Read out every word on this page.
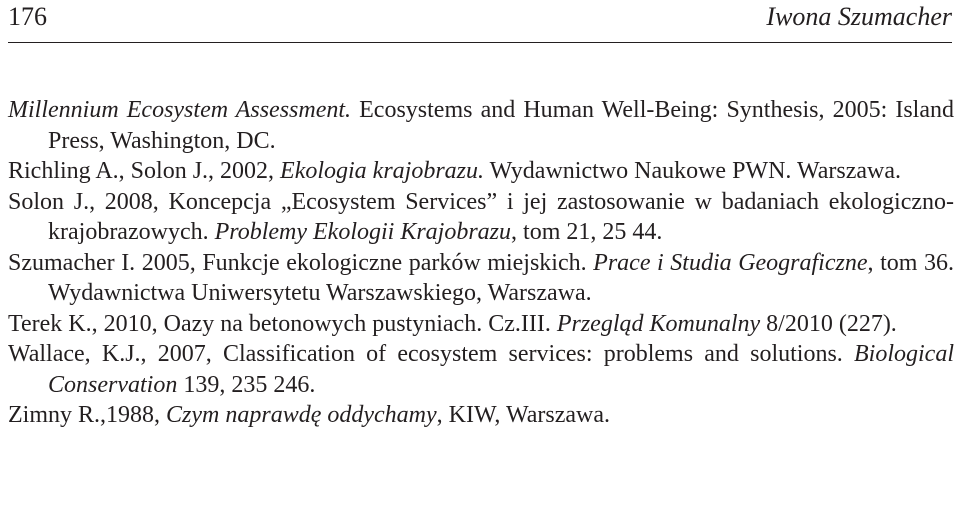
176	Iwona Szumacher

Millennium Ecosystem Assessment. Ecosystems and Human Well-Being: Synthesis, 2005: Island Press, Washington, DC.

Richling A., Solon J., 2002, Ekologia krajobrazu. Wydawnictwo Naukowe PWN. Warszawa.

Solon J., 2008, Koncepcja „Ecosystem Services” i jej zastosowanie w badaniach ekologiczno-krajobrazowych. Problemy Ekologii Krajobrazu, tom 21, 25 44.

Szumacher I. 2005, Funkcje ekologiczne parków miejskich. Prace i Studia Geograficzne, tom 36. Wydawnictwa Uniwersytetu Warszawskiego, Warszawa.

Terek K., 2010, Oazy na betonowych pustyniach. Cz.III. Przegląd Komunalny 8/2010 (227).

Wallace, K.J., 2007, Classification of ecosystem services: problems and solutions. Biological Conservation 139, 235 246.

Zimny R.,1988, Czym naprawdę oddychamy, KIW, Warszawa.
